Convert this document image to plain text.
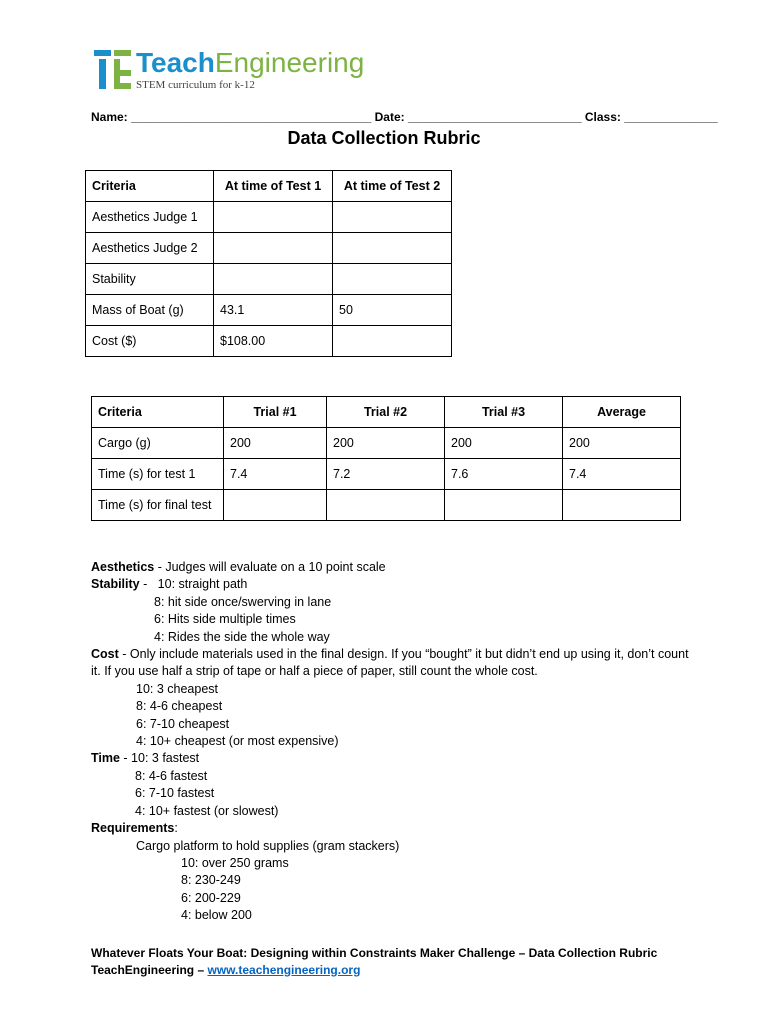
TeachEngineering
STEM curriculum for k-12
Name: ____________________________________ Date: __________________________ Class: ______________
Data Collection Rubric
Criteria	At time of Test 1	At time of Test 2
Aesthetics Judge 1		
Aesthetics Judge 2		
Stability		
Mass of Boat (g)	43.1	50
Cost ($)	$108.00	
Criteria	Trial #1	Trial #2	Trial #3	Average
Cargo (g)	200	200	200	200
Time (s) for test 1	7.4	7.2	7.6	7.4
Time (s) for final test				

Aesthetics - Judges will evaluate on a 10 point scale

Stability -   10: straight path

8: hit side once/swerving in lane

6: Hits side multiple times

4: Rides the side the whole way

Cost - Only include materials used in the final design. If you “bought” it but didn’t end up using it, don’t count it. If you use half a strip of tape or half a piece of paper, still count the whole cost.

10: 3 cheapest

8: 4-6 cheapest

6: 7-10 cheapest

4: 10+ cheapest (or most expensive)

Time - 10: 3 fastest

8: 4-6 fastest

6: 7-10 fastest

4: 10+ fastest (or slowest)

Requirements:

Cargo platform to hold supplies (gram stackers)

10: over 250 grams

8: 230-249

6: 200-229

4: below 200

Whatever Floats Your Boat: Designing within Constraints Maker Challenge – Data Collection Rubric
TeachEngineering – www.teachengineering.org
